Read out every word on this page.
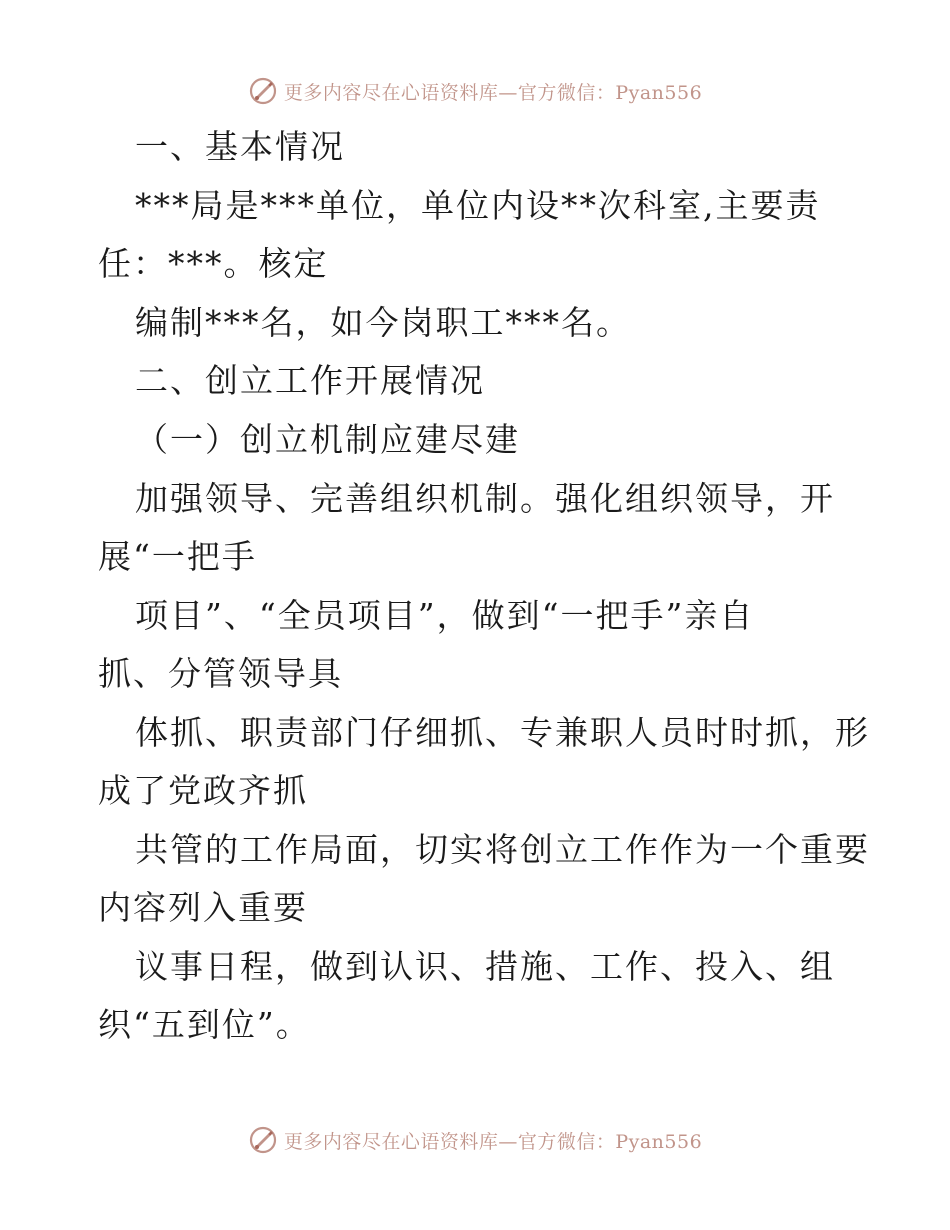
更多内容尽在心语资料库—官方微信：Pyan556
一、基本情况
***局是***单位，单位内设**次科室,主要责
任：***。核定
编制***名，如今岗职工***名。
二、创立工作开展情况
（一）创立机制应建尽建
加强领导、完善组织机制。强化组织领导，开
展“一把手
项目”、“全员项目”，做到“一把手”亲自
抓、分管领导具
体抓、职责部门仔细抓、专兼职人员时时抓，形
成了党政齐抓
共管的工作局面，切实将创立工作作为一个重要
内容列入重要
议事日程，做到认识、措施、工作、投入、组
织“五到位”。
更多内容尽在心语资料库—官方微信：Pyan556
